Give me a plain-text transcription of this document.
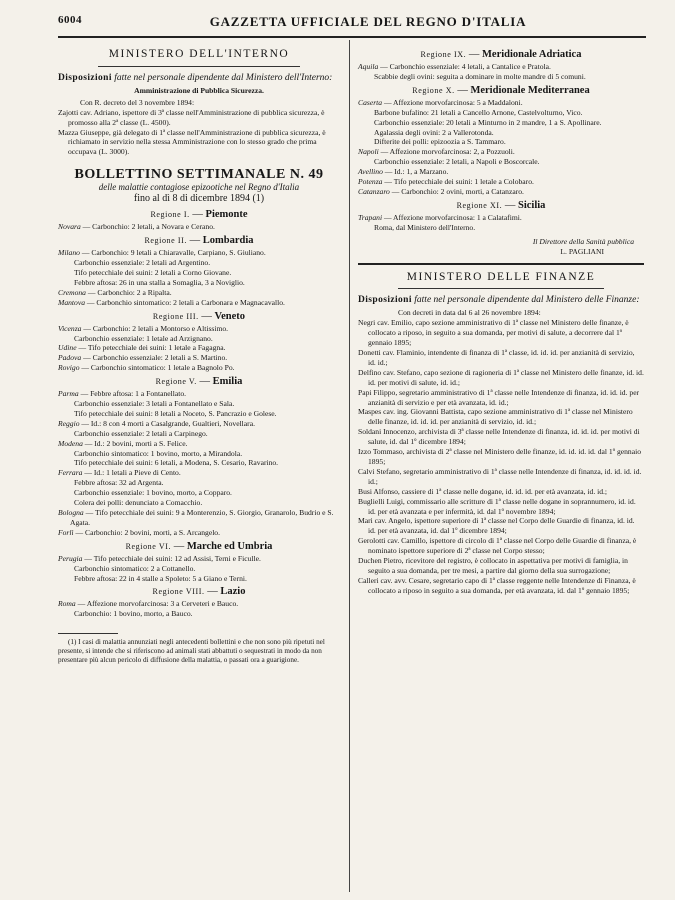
6004	GAZZETTA UFFICIALE DEL REGNO D'ITALIA
MINISTERO DELL'INTERNO
Disposizioni fatte nel personale dipendente dal Ministero dell'Interno:
Amministrazione di Pubblica Sicurezza.
Con R. decreto del 3 novembre 1894:

Zajotti cav. Adriano, ispettore di 3ª classe nell'Amministrazione di pubblica sicurezza, è promosso alla 2ª classe (L. 4500).

Mazza Giuseppe, già delegato di 1ª classe nell'Amministrazione di pubblica sicurezza, è richiamato in servizio nella stessa Amministrazione con lo stesso grado che prima occupava (L. 3000).

BOLLETTINO SETTIMANALE N. 49
delle malattie contagiose epizootiche nel Regno d'Italia
fino al dì 8 di dicembre 1894 (1)
Regione I. — Piemonte

Novara — Carbonchio: 2 letali, a Novara e Cerano.

Regione II. — Lombardia

Milano — Carbonchio: 9 letali a Chiaravalle, Carpiano, S. Giuliano.

Carbonchio essenziale: 2 letali ad Argentino.

Tifo petecchiale dei suini: 2 letali a Corno Giovane.

Febbre aftosa: 26 in una stalla a Somaglia, 3 a Noviglio.

Cremona — Carbonchio: 2 a Ripalta.

Mantova — Carbonchio sintomatico: 2 letali a Carbonara e Magnacavallo.

Regione III. — Veneto

Vicenza — Carbonchio: 2 letali a Montorso e Altissimo.

Carbonchio essenziale: 1 letale ad Arzignano.

Udine — Tifo petecchiale dei suini: 1 letale a Fagagna.

Padova — Carbonchio essenziale: 2 letali a S. Martino.

Rovigo — Carbonchio sintomatico: 1 letale a Bagnolo Po.

Regione V. — Emilia

Parma — Febbre aftosa: 1 a Fontanellato.

Carbonchio essenziale: 3 letali a Fontanellato e Sala.

Tifo petecchiale dei suini: 8 letali a Noceto, S. Pancrazio e Golese.

Reggio — Id.: 8 con 4 morti a Casalgrande, Gualtieri, Novellara.

Carbonchio essenziale: 2 letali a Carpinego.

Modena — Id.: 2 bovini, morti a S. Felice.

Carbonchio sintomatico: 1 bovino, morto, a Mirandola.

Tifo petecchiale dei suini: 6 letali, a Modena, S. Cesario, Ravarino.

Ferrara — Id.: 1 letali a Pieve di Cento.

Febbre aftosa: 32 ad Argenta.

Carbonchio essenziale: 1 bovino, morto, a Copparo.

Colera dei polli: denunciato a Comacchio.

Bologna — Tifo petecchiale dei suini: 9 a Monterenzio, S. Giorgio, Granarolo, Budrio e S. Agata.

Forlì — Carbonchio: 2 bovini, morti, a S. Arcangelo.

Regione VI. — Marche ed Umbria

Perugia — Tifo petecchiale dei suini: 12 ad Assisi, Terni e Ficulle.

Carbonchio sintomatico: 2 a Cottanello.

Febbre aftosa: 22 in 4 stalle a Spoleto: 5 a Giano e Terni.

Regione VIII. — Lazio

Roma — Affezione morvofarcinosa: 3 a Cerveteri e Bauco.

Carbonchio: 1 bovino, morto, a Bauco.

(1) I casi di malattia annunziati negli antecedenti bollettini e che non sono più ripetuti nel presente, si intende che si riferiscono ad animali stati abbattuti o sequestrati in modo da non presentare più alcun pericolo di diffusione della malattia, o passati ora a guarigione.
Regione IX. — Meridionale Adriatica

Aquila — Carbonchio essenziale: 4 letali, a Cantalice e Pratola.

Scabbie degli ovini: seguita a dominare in molte mandre di 5 comuni.

Regione X. — Meridionale Mediterranea

Caserta — Affezione morvofarcinosa: 5 a Maddaloni.

Barbone bufalino: 21 letali a Cancello Arnone, Castelvolturno, Vico.

Carbonchio essenziale: 20 letali a Minturno in 2 mandre, 1 a S. Apollinare.

Agalassia degli ovini: 2 a Vallerotonda.

Difterite dei polli: epizoozia a S. Tammaro.

Napoli — Affezione morvofarcinosa: 2, a Pozzuoli.

Carbonchio essenziale: 2 letali, a Napoli e Boscorcale.

Avellino — Id.: 1, a Marzano.

Potenza — Tifo petecchiale dei suini: 1 letale a Colobaro.

Catanzaro — Carbonchio: 2 ovini, morti, a Catanzaro.

Regione XI. — Sicilia

Trapani — Affezione morvofarcinosa: 1 a Calatafimi.

Roma, dal Ministero dell'Interno.

Il Direttore della Sanità pubblica
L. PAGLIANI
MINISTERO DELLE FINANZE
Disposizioni fatte nel personale dipendente dal Ministero delle Finanze:
Con decreti in data dal 6 al 26 novembre 1894:

Negri cav. Emilio, capo sezione amministrativo di 1ª classe nel Ministero delle finanze, è collocato a riposo, in seguito a sua domanda, per motivi di salute, a decorrere dal 1º gennaio 1895;

Donetti cav. Flaminio, intendente di finanza di 1ª classe, id. id. id. per anzianità di servizio, id. id.;

Delfino cav. Stefano, capo sezione di ragioneria di 1ª classe nel Ministero delle finanze, id. id. id. per motivi di salute, id. id.;

Papi Filippo, segretario amministrativo di 1ª classe nelle Intendenze di finanza, id. id. id. per anzianità di servizio e per età avanzata, id. id.;

Maspes cav. ing. Giovanni Battista, capo sezione amministrativo di 1ª classe nel Ministero delle finanze, id. id. id. per anzianità di servizio, id. id.;

Soldani Innocenzo, archivista di 3ª classe nelle Intendenze di finanza, id. id. id. per motivi di salute, id. dal 1º dicembre 1894;

Izzo Tommaso, archivista di 2ª classe nel Ministero delle finanze, id. id. id. id. dal 1º gennaio 1895;

Calvi Stefano, segretario amministrativo di 1ª classe nelle Intendenze di finanza, id. id. id. id. id.;

Busi Alfonso, cassiere di 1ª classe nelle dogane, id. id. id. per età avanzata, id. id.;

Buglielli Luigi, commissario alle scritture di 1ª classe nelle dogane in soprannumero, id. id. id. per età avanzata e per infermità, id. dal 1º novembre 1894;

Mari cav. Angelo, ispettore superiore di 1ª classe nel Corpo delle Guardie di finanza, id. id. id. per età avanzata, id. dal 1º dicembre 1894;

Gerolotti cav. Camillo, ispettore di circolo di 1ª classe nel Corpo delle Guardie di finanza, è nominato ispettore superiore di 2ª classe nel Corpo stesso;

Duchen Pietro, ricevitore del registro, è collocato in aspettativa per motivi di famiglia, in seguito a sua domanda, per tre mesi, a partire dal giorno della sua surrogazione;

Calleri cav. avv. Cesare, segretario capo di 1ª classe reggente nelle Intendenze di Finanza, è collocato a riposo in seguito a sua domanda, per età avanzata, id. dal 1º gennaio 1895;
